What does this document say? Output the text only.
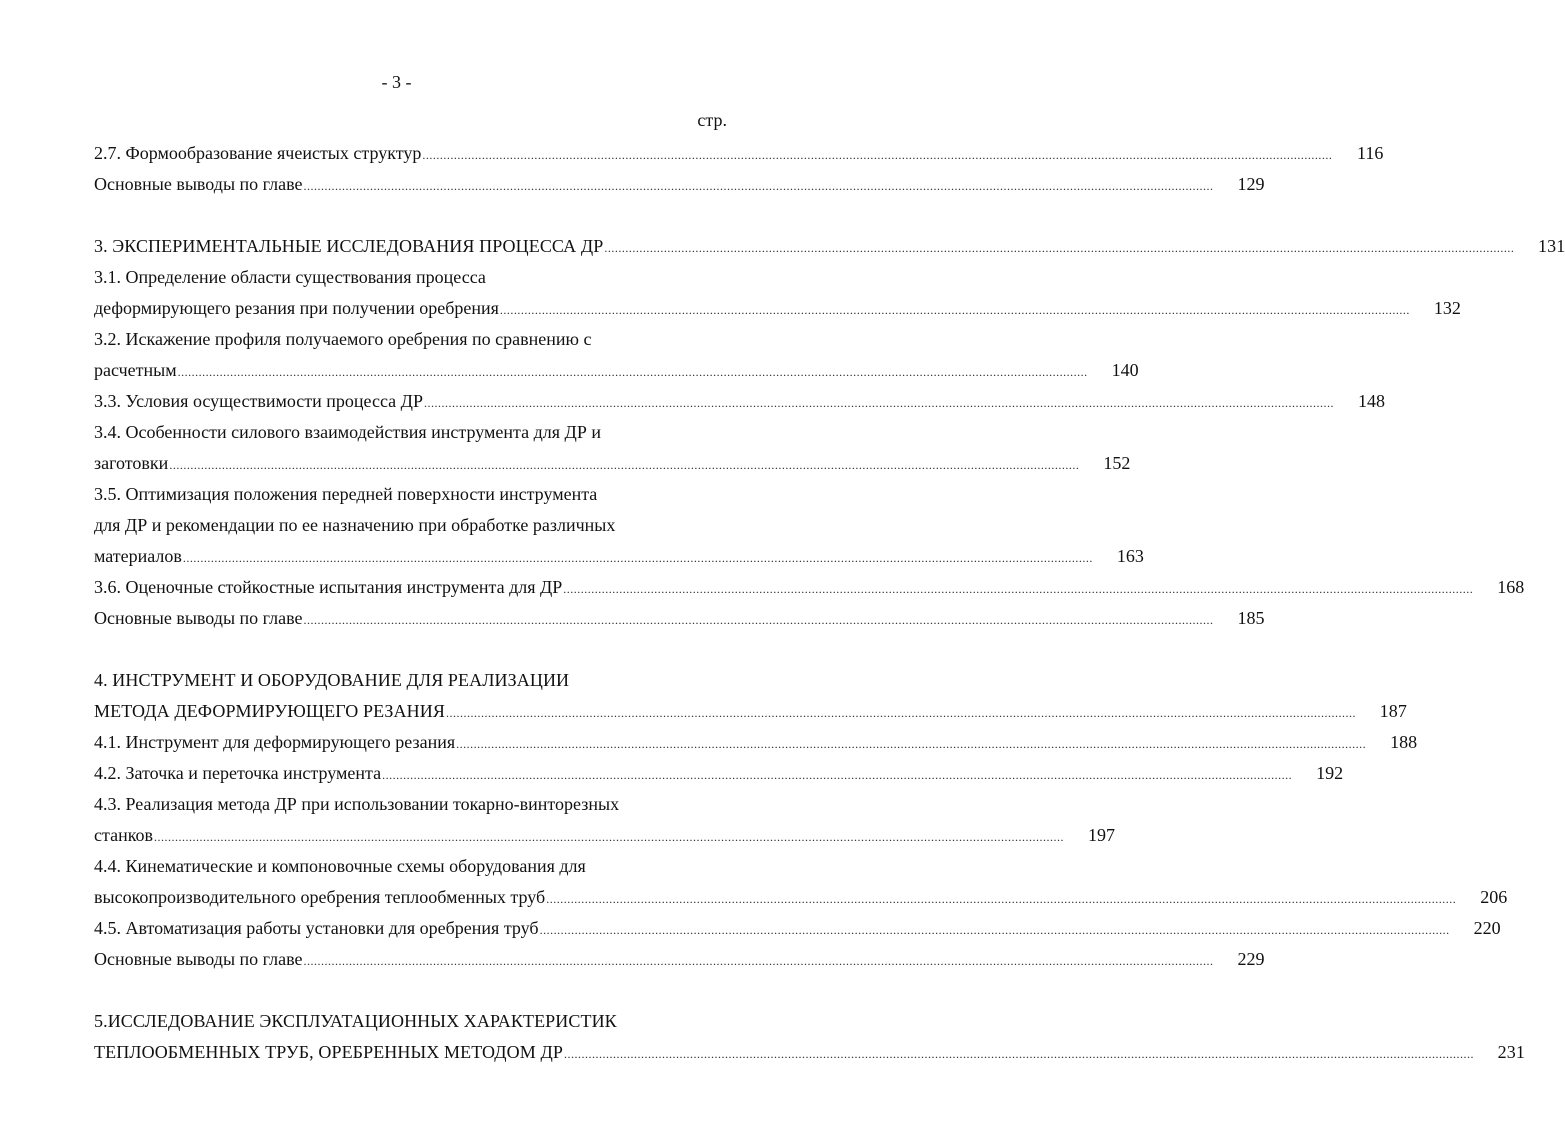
- 3 -
стр.
2.7. Формообразование ячеистых структур ....................................................................................................................................................................................................................................................................	116
Основные выводы по главе ....................................................................................................................................................................................................................................................................	129
3. ЭКСПЕРИМЕНТАЛЬНЫЕ ИССЛЕДОВАНИЯ ПРОЦЕССА ДР ....................................................................................................................................................................................................................................................................	131
3.1. Определение области существования процесса
деформирующего резания при получении оребрения ....................................................................................................................................................................................................................................................................	132
3.2. Искажение профиля получаемого оребрения по сравнению с
расчетным ....................................................................................................................................................................................................................................................................	140
3.3. Условия осуществимости процесса ДР ....................................................................................................................................................................................................................................................................	148
3.4. Особенности силового взаимодействия инструмента для ДР и
заготовки ....................................................................................................................................................................................................................................................................	152
3.5. Оптимизация положения передней поверхности инструмента
для ДР и рекомендации по ее назначению при обработке различных
материалов ....................................................................................................................................................................................................................................................................	163
3.6. Оценочные стойкостные испытания инструмента для ДР ....................................................................................................................................................................................................................................................................	168
Основные выводы по главе ....................................................................................................................................................................................................................................................................	185
4. ИНСТРУМЕНТ И ОБОРУДОВАНИЕ ДЛЯ РЕАЛИЗАЦИИ
МЕТОДА ДЕФОРМИРУЮЩЕГО РЕЗАНИЯ ....................................................................................................................................................................................................................................................................	187
4.1. Инструмент для деформирующего резания ....................................................................................................................................................................................................................................................................	188
4.2. Заточка и переточка инструмента ....................................................................................................................................................................................................................................................................	192
4.3. Реализация метода ДР при использовании токарно-винторезных
станков ....................................................................................................................................................................................................................................................................	197
4.4. Кинематические и компоновочные схемы оборудования для
высокопроизводительного оребрения теплообменных труб ....................................................................................................................................................................................................................................................................	206
4.5. Автоматизация работы установки для оребрения труб ....................................................................................................................................................................................................................................................................	220
Основные выводы по главе ....................................................................................................................................................................................................................................................................	229
5.ИССЛЕДОВАНИЕ ЭКСПЛУАТАЦИОННЫХ ХАРАКТЕРИСТИК
ТЕПЛООБМЕННЫХ ТРУБ, ОРЕБРЕННЫХ МЕТОДОМ ДР ....................................................................................................................................................................................................................................................................	231
